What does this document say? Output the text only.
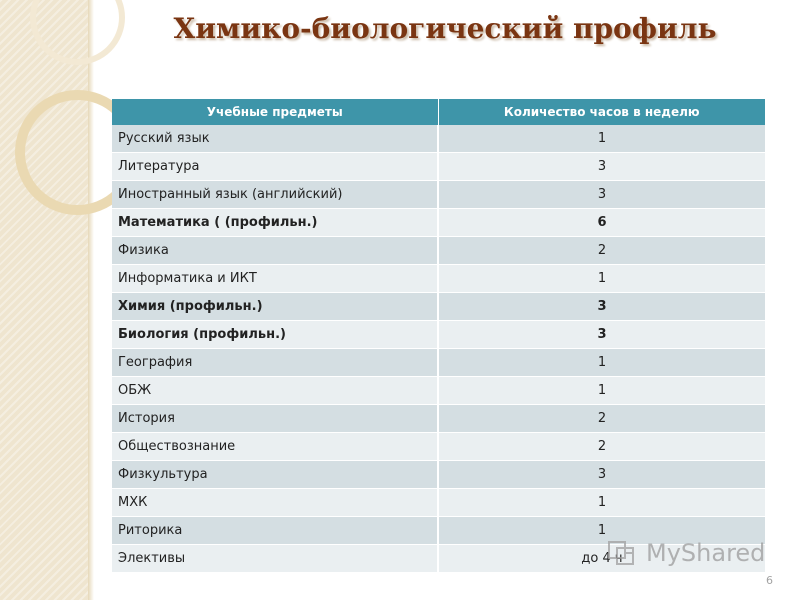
Химико-биологический профиль
Учебные предметы	Количество часов в неделю
Русский язык	1
Литература	3
Иностранный язык (английский)	3
Математика ( (профильн.)	6
Физика	2
Информатика и ИКТ	1
Химия (профильн.)	3
Биология (профильн.)	3
География	1
ОБЖ	1
История	2
Обществознание	2
Физкультура	3
МХК	1
Риторика	1
Элективы	до 4 ч MyShared
6
